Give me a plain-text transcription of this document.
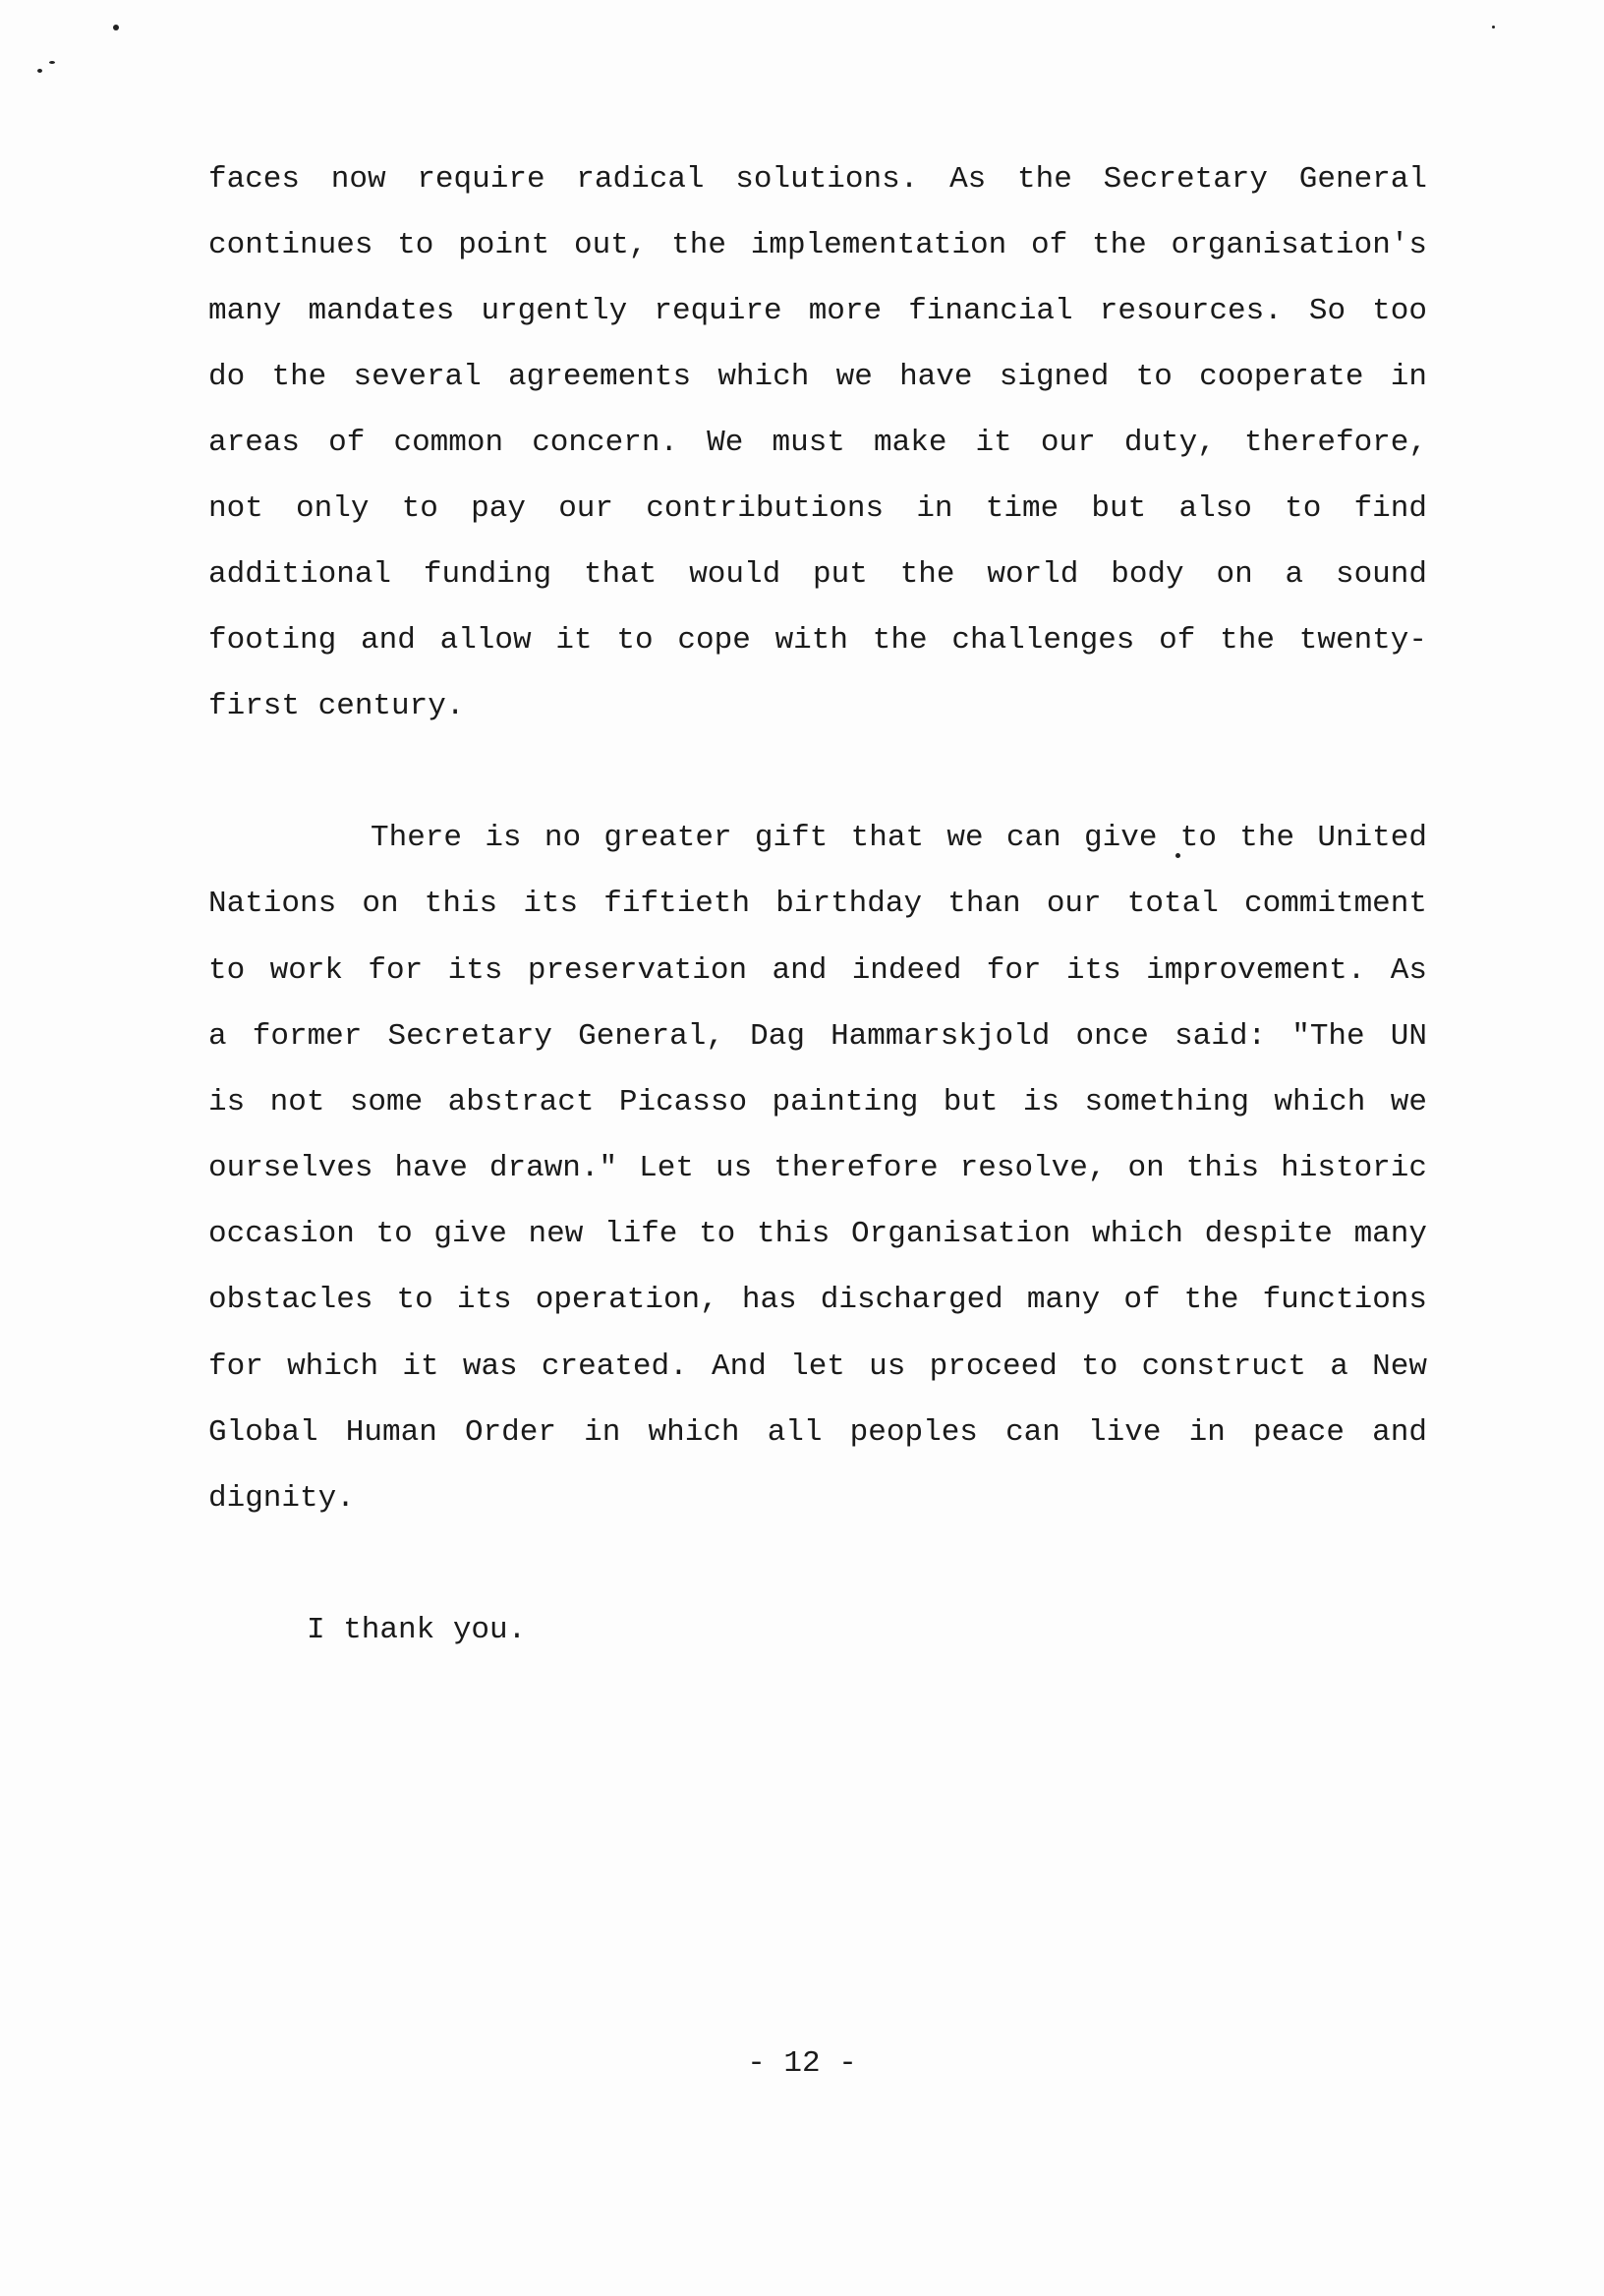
faces now require radical solutions. As the Secretary General
continues to point out, the implementation of the organisation's
many mandates urgently require more financial resources. So too
do the several agreements which we have signed to cooperate in
areas of common concern. We must make it our duty, therefore,
not only to pay our contributions in time but also to find
additional funding that would put the world body on a sound
footing and allow it to cope with the challenges of the twenty-
first century.
There is no greater gift that we can give to the United
Nations on this its fiftieth birthday than our total commitment
to work for its preservation and indeed for its improvement. As
a former Secretary General, Dag Hammarskjold once said: "The UN
is not some abstract Picasso painting but is something which we
ourselves have drawn." Let us therefore resolve, on this historic
occasion to give new life to this Organisation which despite many
obstacles to its operation, has discharged many of the functions
for which it was created. And let us proceed to construct a New
Global Human Order in which all peoples can live in peace and
dignity.
I thank you.
- 12 -
